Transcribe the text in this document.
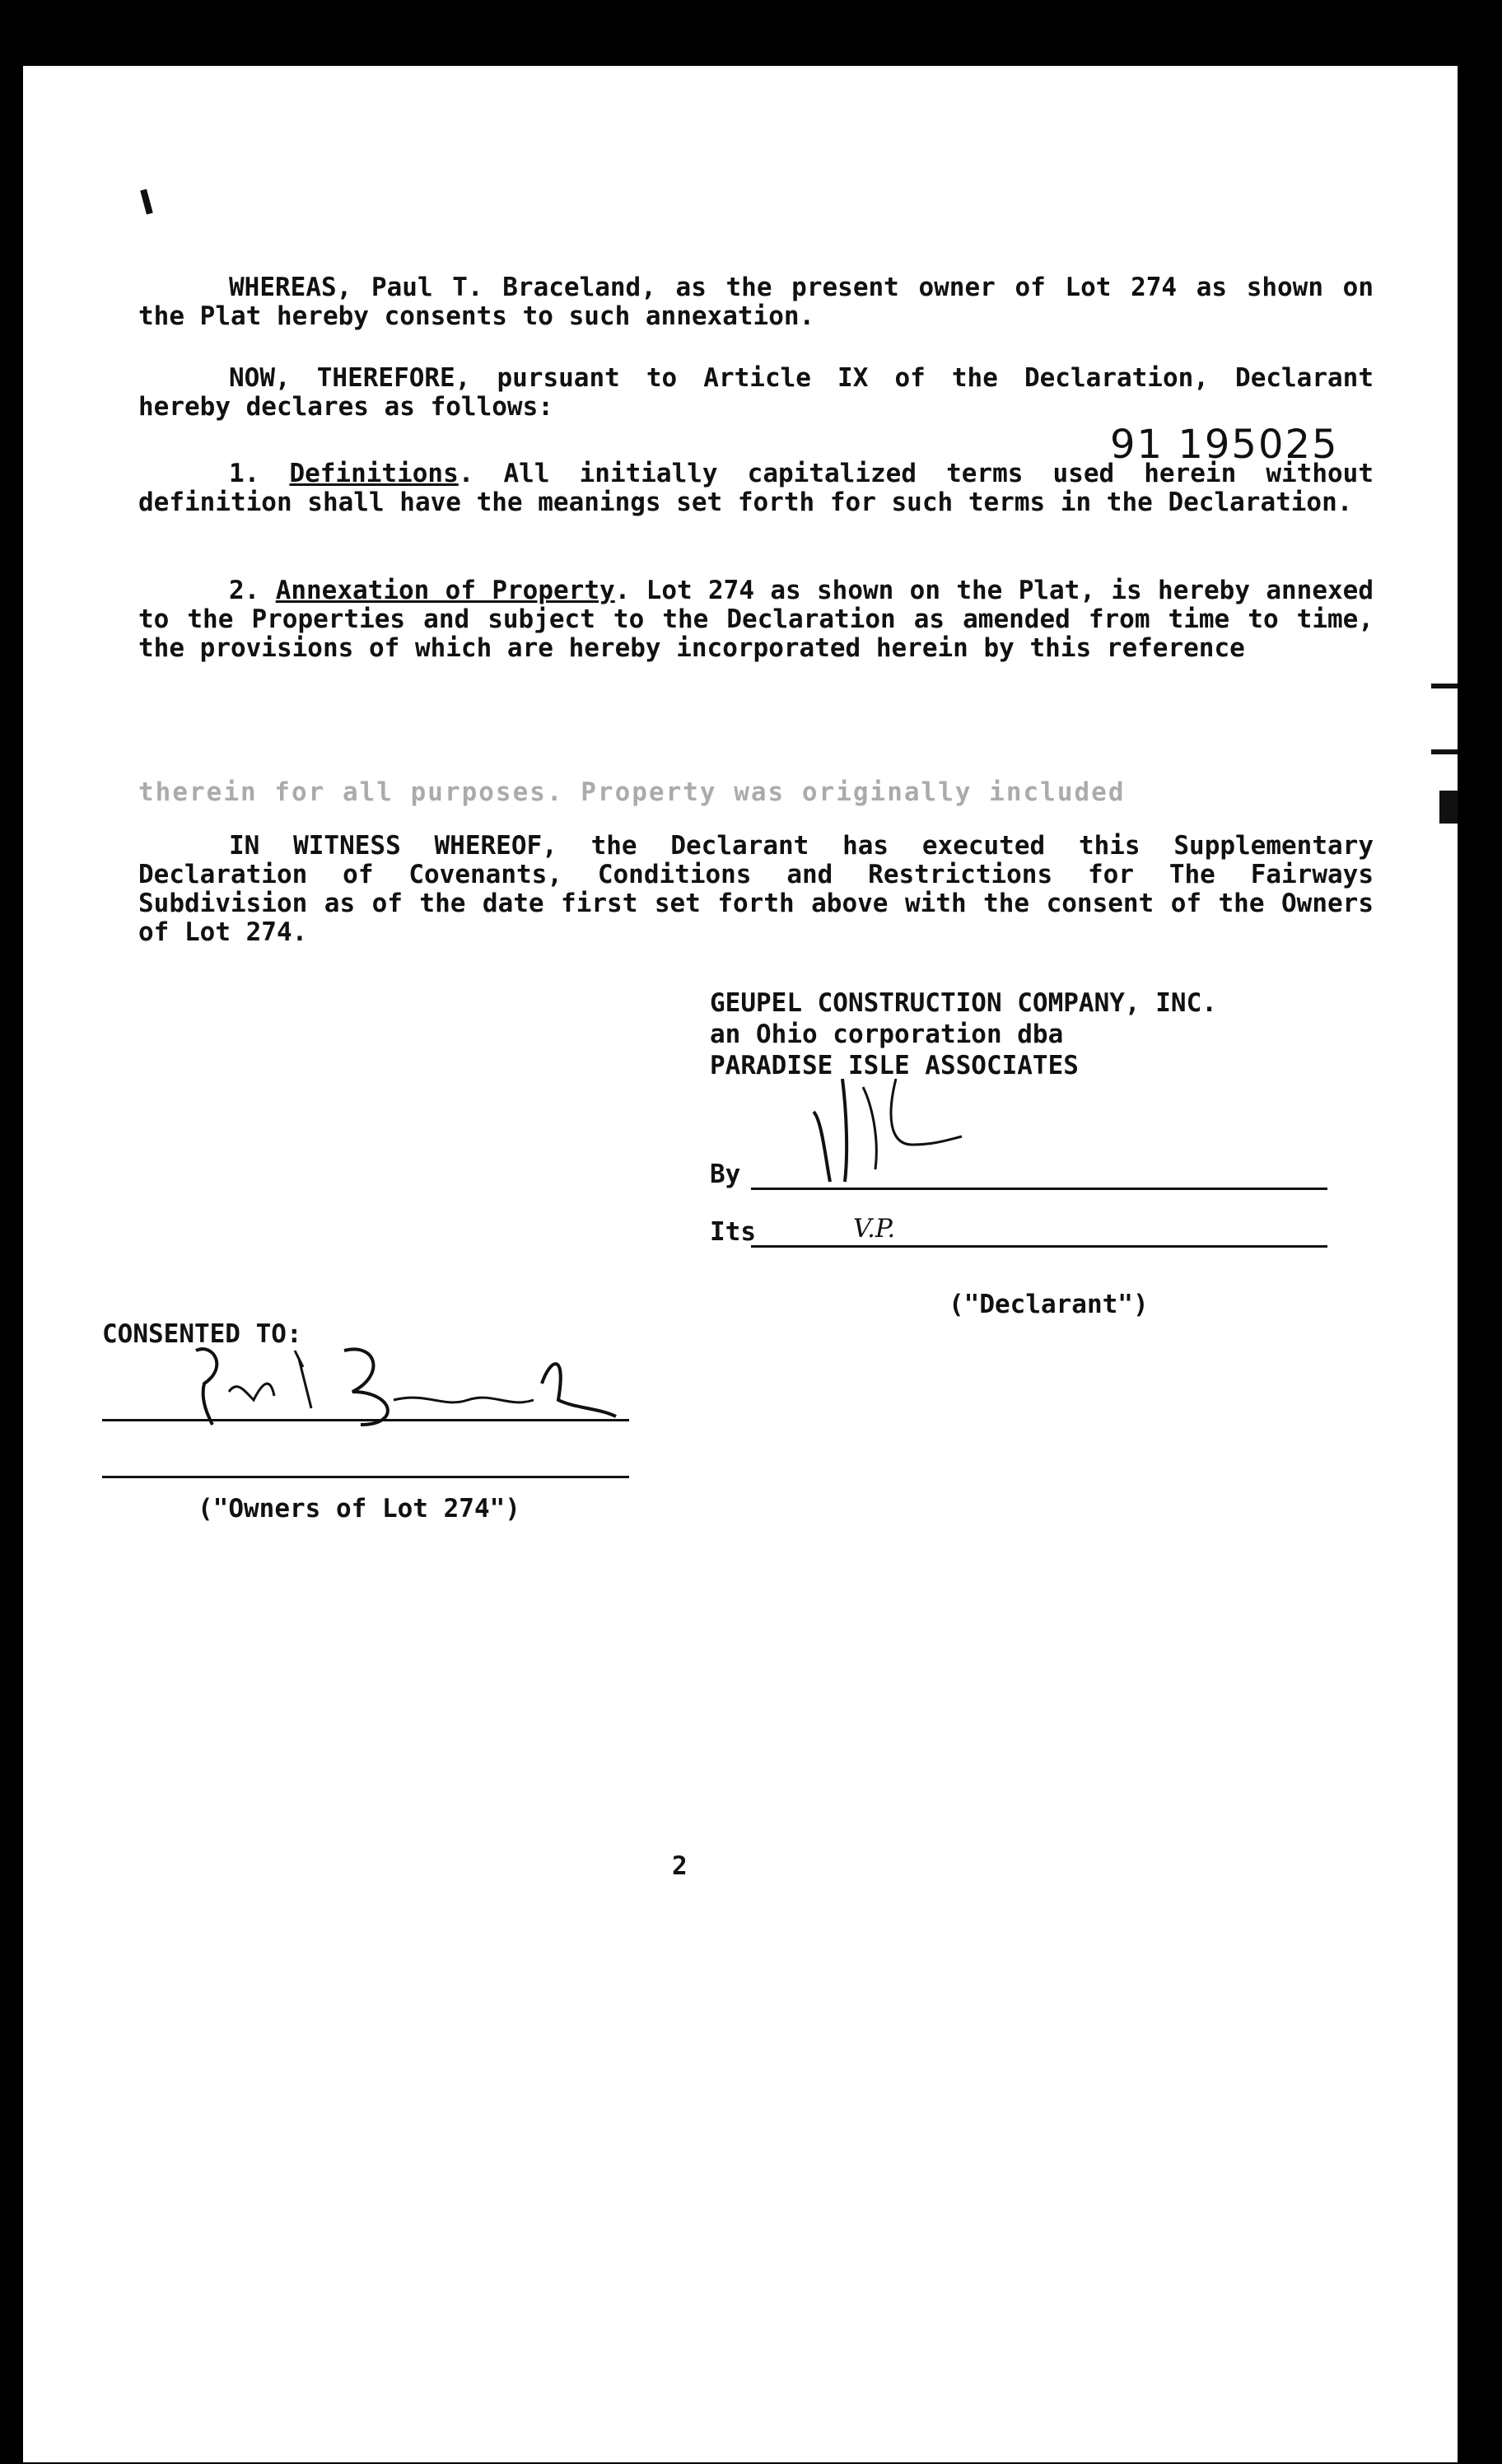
91 195025
WHEREAS, Paul T. Braceland, as the present owner of Lot 274 as shown on the Plat hereby consents to such annexation.
NOW, THEREFORE, pursuant to Article IX of the Declaration, Declarant hereby declares as follows:
1. Definitions. All initially capitalized terms used herein without definition shall have the meanings set forth for such terms in the Declaration.
2. Annexation of Property. Lot 274 as shown on the Plat, is hereby annexed to the Properties and subject to the Declaration as amended from time to time, the provisions of which are hereby incorporated herein by this reference
therein for all purposes. Property was originally included
IN WITNESS WHEREOF, the Declarant has executed this Supplementary Declaration of Covenants, Conditions and Restrictions for The Fairways Subdivision as of the date first set forth above with the consent of the Owners of Lot 274.
GEUPEL CONSTRUCTION COMPANY, INC.
an Ohio corporation dba
PARADISE ISLE ASSOCIATES
By
Its	V.P.
("Declarant")
CONSENTED TO:
("Owners of Lot 274")
2
